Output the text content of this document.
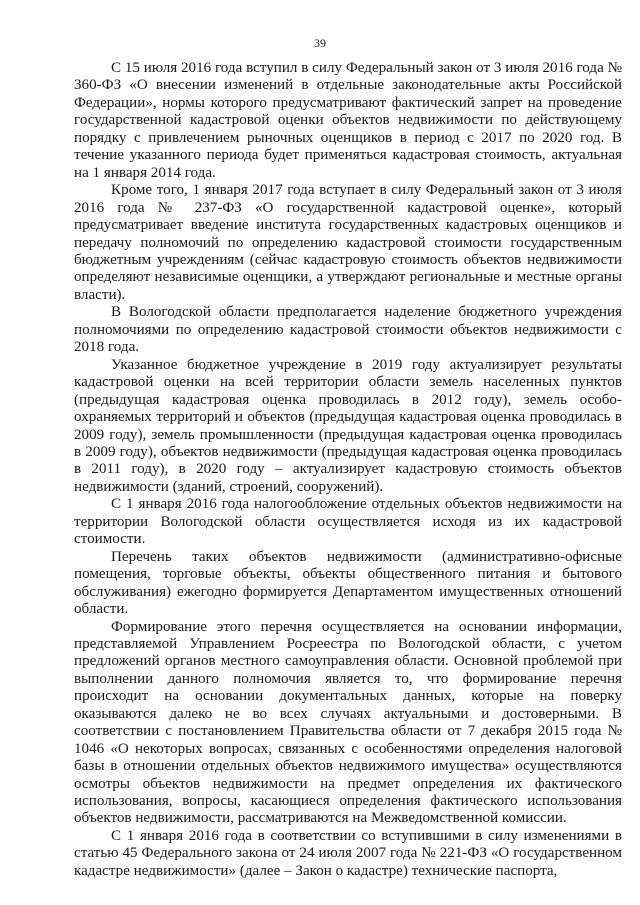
39

С 15 июля 2016 года вступил в силу Федеральный закон от 3 июля 2016 года № 360-ФЗ «О внесении изменений в отдельные законодательные акты Российской Федерации», нормы которого предусматривают фактический запрет на проведение государственной кадастровой оценки объектов недвижимости по действующему порядку с привлечением рыночных оценщиков в период с 2017 по 2020 год. В течение указанного периода будет применяться кадастровая стоимость, актуальная на 1 января 2014 года.

Кроме того, 1 января 2017 года вступает в силу Федеральный закон от 3 июля 2016 года № 237-ФЗ «О государственной кадастровой оценке», который предусматривает введение института государственных кадастровых оценщиков и передачу полномочий по определению кадастровой стоимости государственным бюджетным учреждениям (сейчас кадастровую стоимость объектов недвижимости определяют независимые оценщики, а утверждают региональные и местные органы власти).

В Вологодской области предполагается наделение бюджетного учреждения полномочиями по определению кадастровой стоимости объектов недвижимости с 2018 года.

Указанное бюджетное учреждение в 2019 году актуализирует результаты кадастровой оценки на всей территории области земель населенных пунктов (предыдущая кадастровая оценка проводилась в 2012 году), земель особо-охраняемых территорий и объектов (предыдущая кадастровая оценка проводилась в 2009 году), земель промышленности (предыдущая кадастровая оценка проводилась в 2009 году), объектов недвижимости (предыдущая кадастровая оценка проводилась в 2011 году), в 2020 году – актуализирует кадастровую стоимость объектов недвижимости (зданий, строений, сооружений).

С 1 января 2016 года налогообложение отдельных объектов недвижимости на территории Вологодской области осуществляется исходя из их кадастровой стоимости.

Перечень таких объектов недвижимости (административно-офисные помещения, торговые объекты, объекты общественного питания и бытового обслуживания) ежегодно формируется Департаментом имущественных отношений области.

Формирование этого перечня осуществляется на основании информации, представляемой Управлением Росреестра по Вологодской области, с учетом предложений органов местного самоуправления области. Основной проблемой при выполнении данного полномочия является то, что формирование перечня происходит на основании документальных данных, которые на поверку оказываются далеко не во всех случаях актуальными и достоверными. В соответствии с постановлением Правительства области от 7 декабря 2015 года № 1046 «О некоторых вопросах, связанных с особенностями определения налоговой базы в отношении отдельных объектов недвижимого имущества» осуществляются осмотры объектов недвижимости на предмет определения их фактического использования, вопросы, касающиеся определения фактического использования объектов недвижимости, рассматриваются на Межведомственной комиссии.

С 1 января 2016 года в соответствии со вступившими в силу изменениями в статью 45 Федерального закона от 24 июля 2007 года № 221-ФЗ «О государственном кадастре недвижимости» (далее – Закон о кадастре) технические паспорта,
